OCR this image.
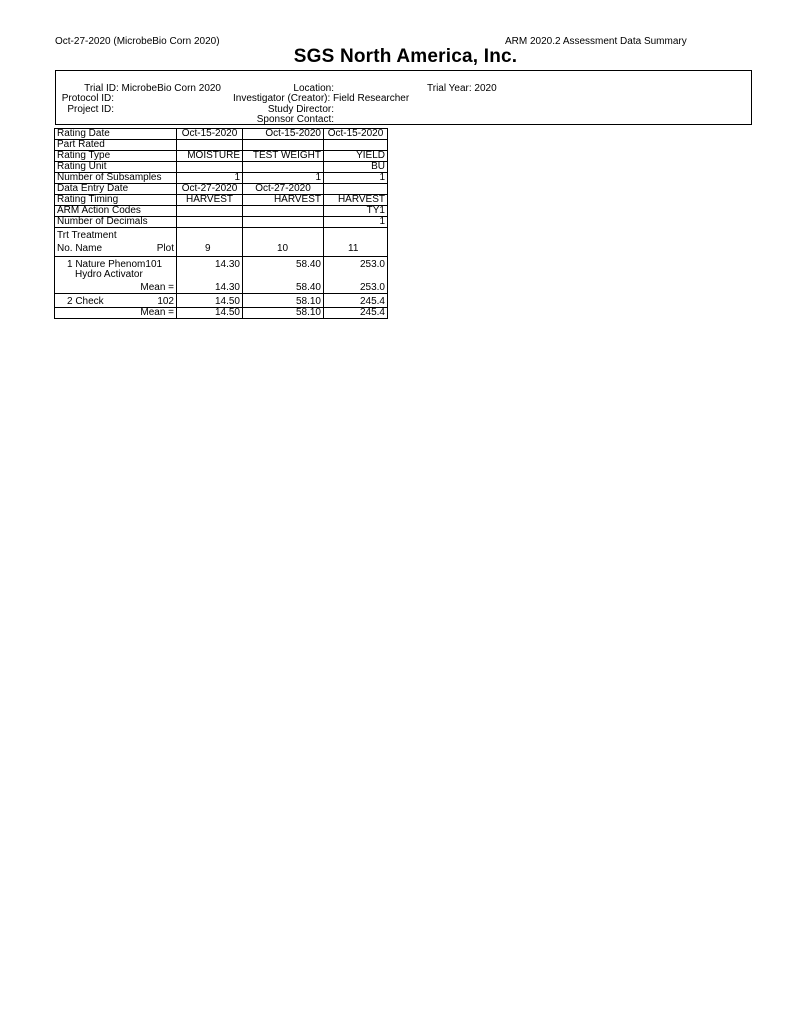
Oct-27-2020 (MicrobeBio Corn 2020)	ARM 2020.2 Assessment Data Summary
SGS North America, Inc.
Trial ID: MicrobeBio Corn 2020
Protocol ID:
Project ID:
Location:
Investigator (Creator): Field Researcher
Study Director:
Sponsor Contact:
Trial Year: 2020
Rating Date	Oct-15-2020	Oct-15-2020	Oct-15-2020
Part Rated			
Rating Type	MOISTURE	TEST WEIGHT	YIELD
Rating Unit			BU
Number of Subsamples	1	1	1
Data Entry Date	Oct-27-2020	Oct-27-2020	
Rating Timing	HARVEST	HARVEST	HARVEST
ARM Action Codes			TY1
Number of Decimals			1
Trt Treatment			
No. Name Plot	9	10	11
1 Nature Phenom101	14.30	58.40	253.0
Hydro Activator			
Mean =	14.30	58.40	253.0
2 Check 102	14.50	58.10	245.4
Mean =	14.50	58.10	245.4
